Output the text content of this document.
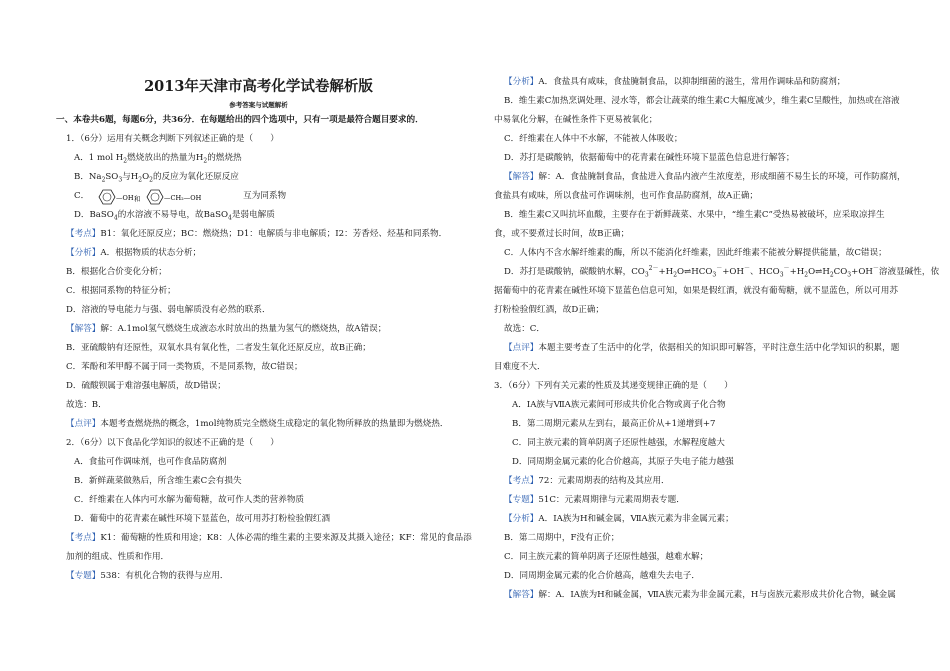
2013年天津市高考化学试卷解析版
参考答案与试题解析
一、本卷共6题，每题6分，共36分．在每题给出的四个选项中，只有一项是最符合题目要求的．
1．（6分）运用有关概念判断下列叙述正确的是（　　）
A．1 mol $H_2$燃烧放出的热量为$H_2$的燃烧热
B．$Na_2SO_3$与$H_2O_2$的反应为氧化还原反应
C．	—OH 和	—CH₂—OH	互为同系物
D．BaSO$_4$的水溶液不易导电，故BaSO$_4$是弱电解质
【考点】B1：氧化还原反应；BC：燃烧热；D1：电解质与非电解质；I2：芳香烃、烃基和同系物．
【分析】A．根据物质的状态分析；
B．根据化合价变化分析；
C．根据同系物的特征分析；
D．溶液的导电能力与强、弱电解质没有必然的联系．
【解答】解：A.1mol氢气燃烧生成液态水时放出的热量为氢气的燃烧热，故A错误；
B．亚硫酸钠有还原性，双氧水具有氧化性，二者发生氧化还原反应，故B正确；
C．苯酚和苯甲醇不属于同一类物质，不是同系物，故C错误；
D．硫酸钡属于难溶强电解质，故D错误；
故选：B．
【点评】本题考查燃烧热的概念，1mol纯物质完全燃烧生成稳定的氧化物所释放的热量即为燃烧热．
2．（6分）以下食品化学知识的叙述不正确的是（　　）
A．食盐可作调味剂，也可作食品防腐剂
B．新鲜蔬菜做熟后，所含维生素C会有损失
C．纤维素在人体内可水解为葡萄糖，故可作人类的营养物质
D．葡萄中的花青素在碱性环境下显蓝色，故可用苏打粉检验假红酒
【考点】K1：葡萄糖的性质和用途；K8：人体必需的维生素的主要来源及其摄入途径；KF：常见的食品添
加剂的组成、性质和作用．
【专题】538：有机化合物的获得与应用．
【分析】A．食盐具有咸味，食盐腌制食品，以抑制细菌的滋生，常用作调味品和防腐剂；
B．维生素C加热烹调处理、浸水等，都会让蔬菜的维生素C大幅度减少，维生素C呈酸性，加热或在溶液
中易氧化分解，在碱性条件下更易被氧化；
C．纤维素在人体中不水解，不能被人体吸收；
D．苏打是碳酸钠，依据葡萄中的花青素在碱性环境下显蓝色信息进行解答；
【解答】解：A．食盐腌制食品，食盐进入食品内液产生浓度差，形成细菌不易生长的环境，可作防腐剂，
食盐具有咸味，所以食盐可作调味剂，也可作食品防腐剂，故A正确；
B．维生素C又叫抗坏血酸，主要存在于新鲜蔬菜、水果中，“维生素C”受热易被破坏，应采取凉拌生
食，或不要煮过长时间，故B正确；
C．人体内不含水解纤维素的酶，所以不能消化纤维素，因此纤维素不能被分解提供能量，故C错误；
D．苏打是碳酸钠，碳酸钠水解，$CO_3^{2-}+H_2O\rightleftharpoons HCO_3^-+OH^-$、$HCO_3^-+H_2O\rightleftharpoons H_2CO_3+OH^-$溶液显碱性，依
据葡萄中的花青素在碱性环境下显蓝色信息可知，如果是假红酒，就没有葡萄糖，就不显蓝色，所以可用苏
打粉检验假红酒，故D正确；
故选：C．
【点评】本题主要考查了生活中的化学，依据相关的知识即可解答，平时注意生活中化学知识的积累，题
目难度不大．
3．（6分）下列有关元素的性质及其递变规律正确的是（　　）
A．ⅠA族与ⅦA族元素间可形成共价化合物或离子化合物
B．第二周期元素从左到右，最高正价从+1递增到+7
C．同主族元素的简单阴离子还原性越强，水解程度越大
D．同周期金属元素的化合价越高，其原子失电子能力越强
【考点】72：元素周期表的结构及其应用．
【专题】51C：元素周期律与元素周期表专题．
【分析】A．ⅠA族为H和碱金属，ⅦA族元素为非金属元素；
B．第二周期中，F没有正价；
C．同主族元素的简单阴离子还原性越强，越难水解；
D．同周期金属元素的化合价越高，越难失去电子．
【解答】解：A．ⅠA族为H和碱金属，ⅦA族元素为非金属元素，H与卤族元素形成共价化合物，碱金属
